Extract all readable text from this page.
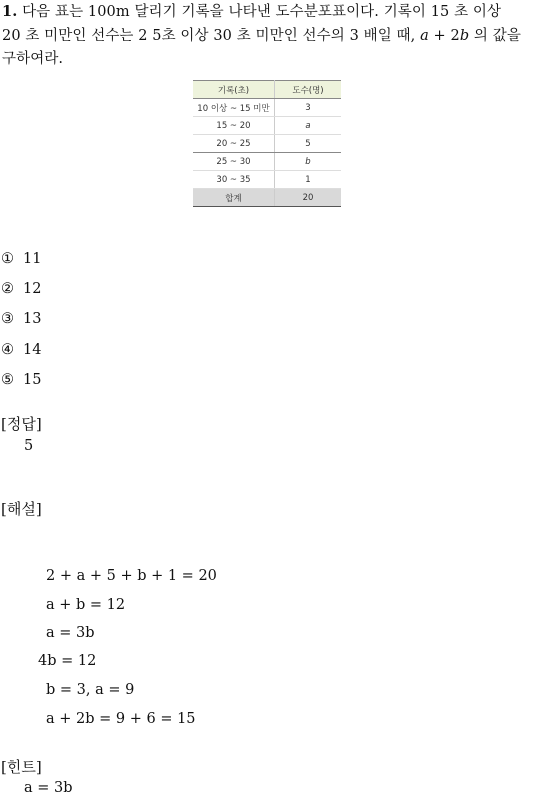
1. 다음 표는 100m 달리기 기록을 나타낸 도수분포표이다. 기록이 15 초 이상
20 초 미만인 선수는 2 5초 이상 30 초 미만인 선수의 3 배일 때, a + 2b 의 값을
구하여라.
기록(초)	도수(명)
10 이상 ~ 15 미만	3
15 ~ 20	a
20 ~ 25	5
25 ~ 30	b
30 ~ 35	1
합계	20
① 11
② 12
③ 13
④ 14
⑤ 15
[정답]
5
[해설]
2 + a + 5 + b + 1 = 20
a + b = 12
a = 3b
4b = 12
b = 3, a = 9
a + 2b = 9 + 6 = 15
[힌트]
a = 3b
